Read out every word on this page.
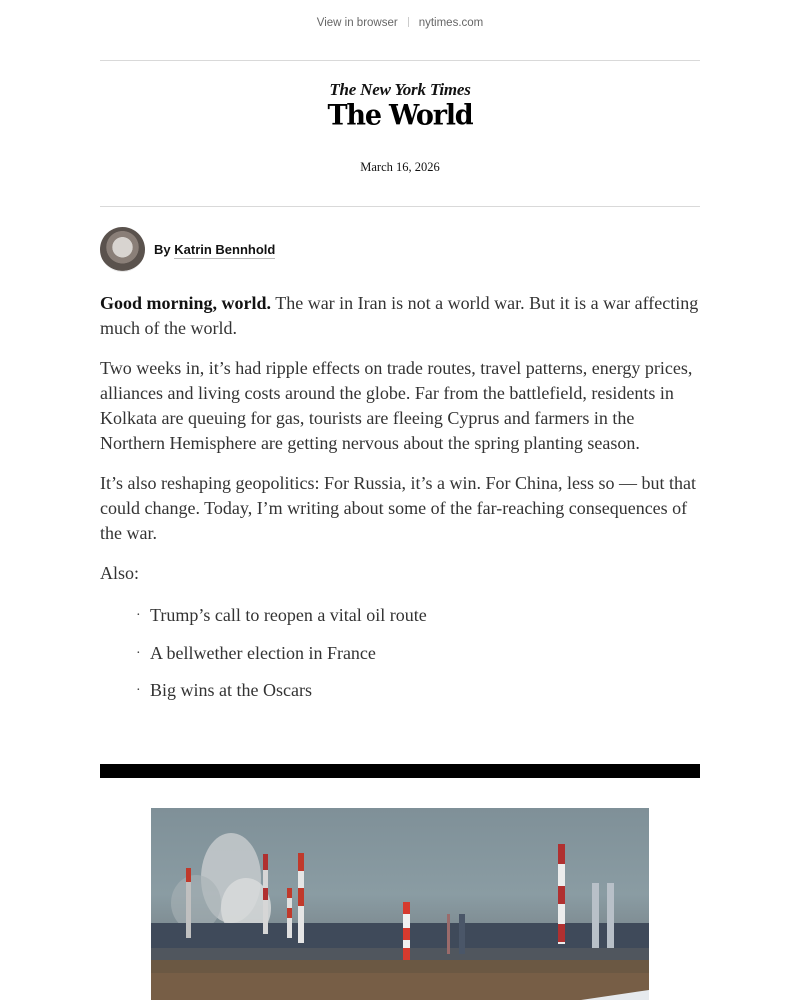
View in browser nytimes.com
The New York Times
The World
March 16, 2026
By Katrin Bennhold

Good morning, world. The war in Iran is not a world war. But it is a war affecting much of the world.

Two weeks in, it’s had ripple effects on trade routes, travel patterns, energy prices, alliances and living costs around the globe. Far from the battlefield, residents in Kolkata are queuing for gas, tourists are fleeing Cyprus and farmers in the Northern Hemisphere are getting nervous about the spring planting season.

It’s also reshaping geopolitics: For Russia, it’s a win. For China, less so — but that could change. Today, I’m writing about some of the far-reaching consequences of the war.

Also:

· Trump’s call to reopen a vital oil route
· A bellwether election in France
· Big wins at the Oscars
